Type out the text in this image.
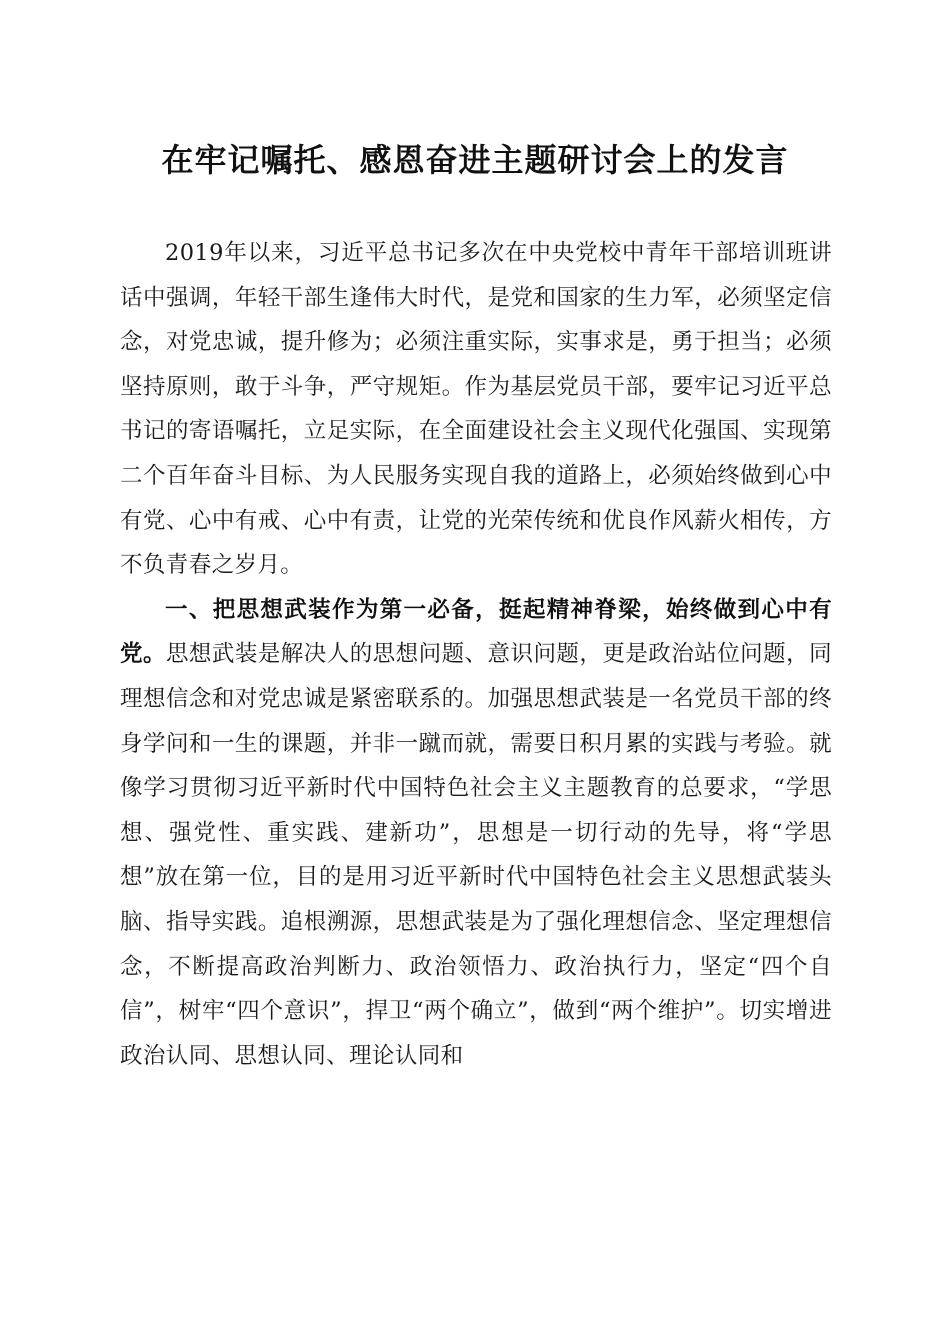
在牢记嘱托、感恩奋进主题研讨会上的发言

2019年以来，习近平总书记多次在中央党校中青年干部培训班讲话中强调，年轻干部生逢伟大时代，是党和国家的生力军，必须坚定信念，对党忠诚，提升修为；必须注重实际，实事求是，勇于担当；必须坚持原则，敢于斗争，严守规矩。作为基层党员干部，要牢记习近平总书记的寄语嘱托，立足实际，在全面建设社会主义现代化强国、实现第二个百年奋斗目标、为人民服务实现自我的道路上，必须始终做到心中有党、心中有戒、心中有责，让党的光荣传统和优良作风薪火相传，方不负青春之岁月。

一、把思想武装作为第一必备，挺起精神脊梁，始终做到心中有党。思想武装是解决人的思想问题、意识问题，更是政治站位问题，同理想信念和对党忠诚是紧密联系的。加强思想武装是一名党员干部的终身学问和一生的课题，并非一蹴而就，需要日积月累的实践与考验。就像学习贯彻习近平新时代中国特色社会主义主题教育的总要求，“学思想、强党性、重实践、建新功”，思想是一切行动的先导，将“学思想”放在第一位，目的是用习近平新时代中国特色社会主义思想武装头脑、指导实践。追根溯源，思想武装是为了强化理想信念、坚定理想信念，不断提高政治判断力、政治领悟力、政治执行力，坚定“四个自信”，树牢“四个意识”，捍卫“两个确立”，做到“两个维护”。切实增进政治认同、思想认同、理论认同和
